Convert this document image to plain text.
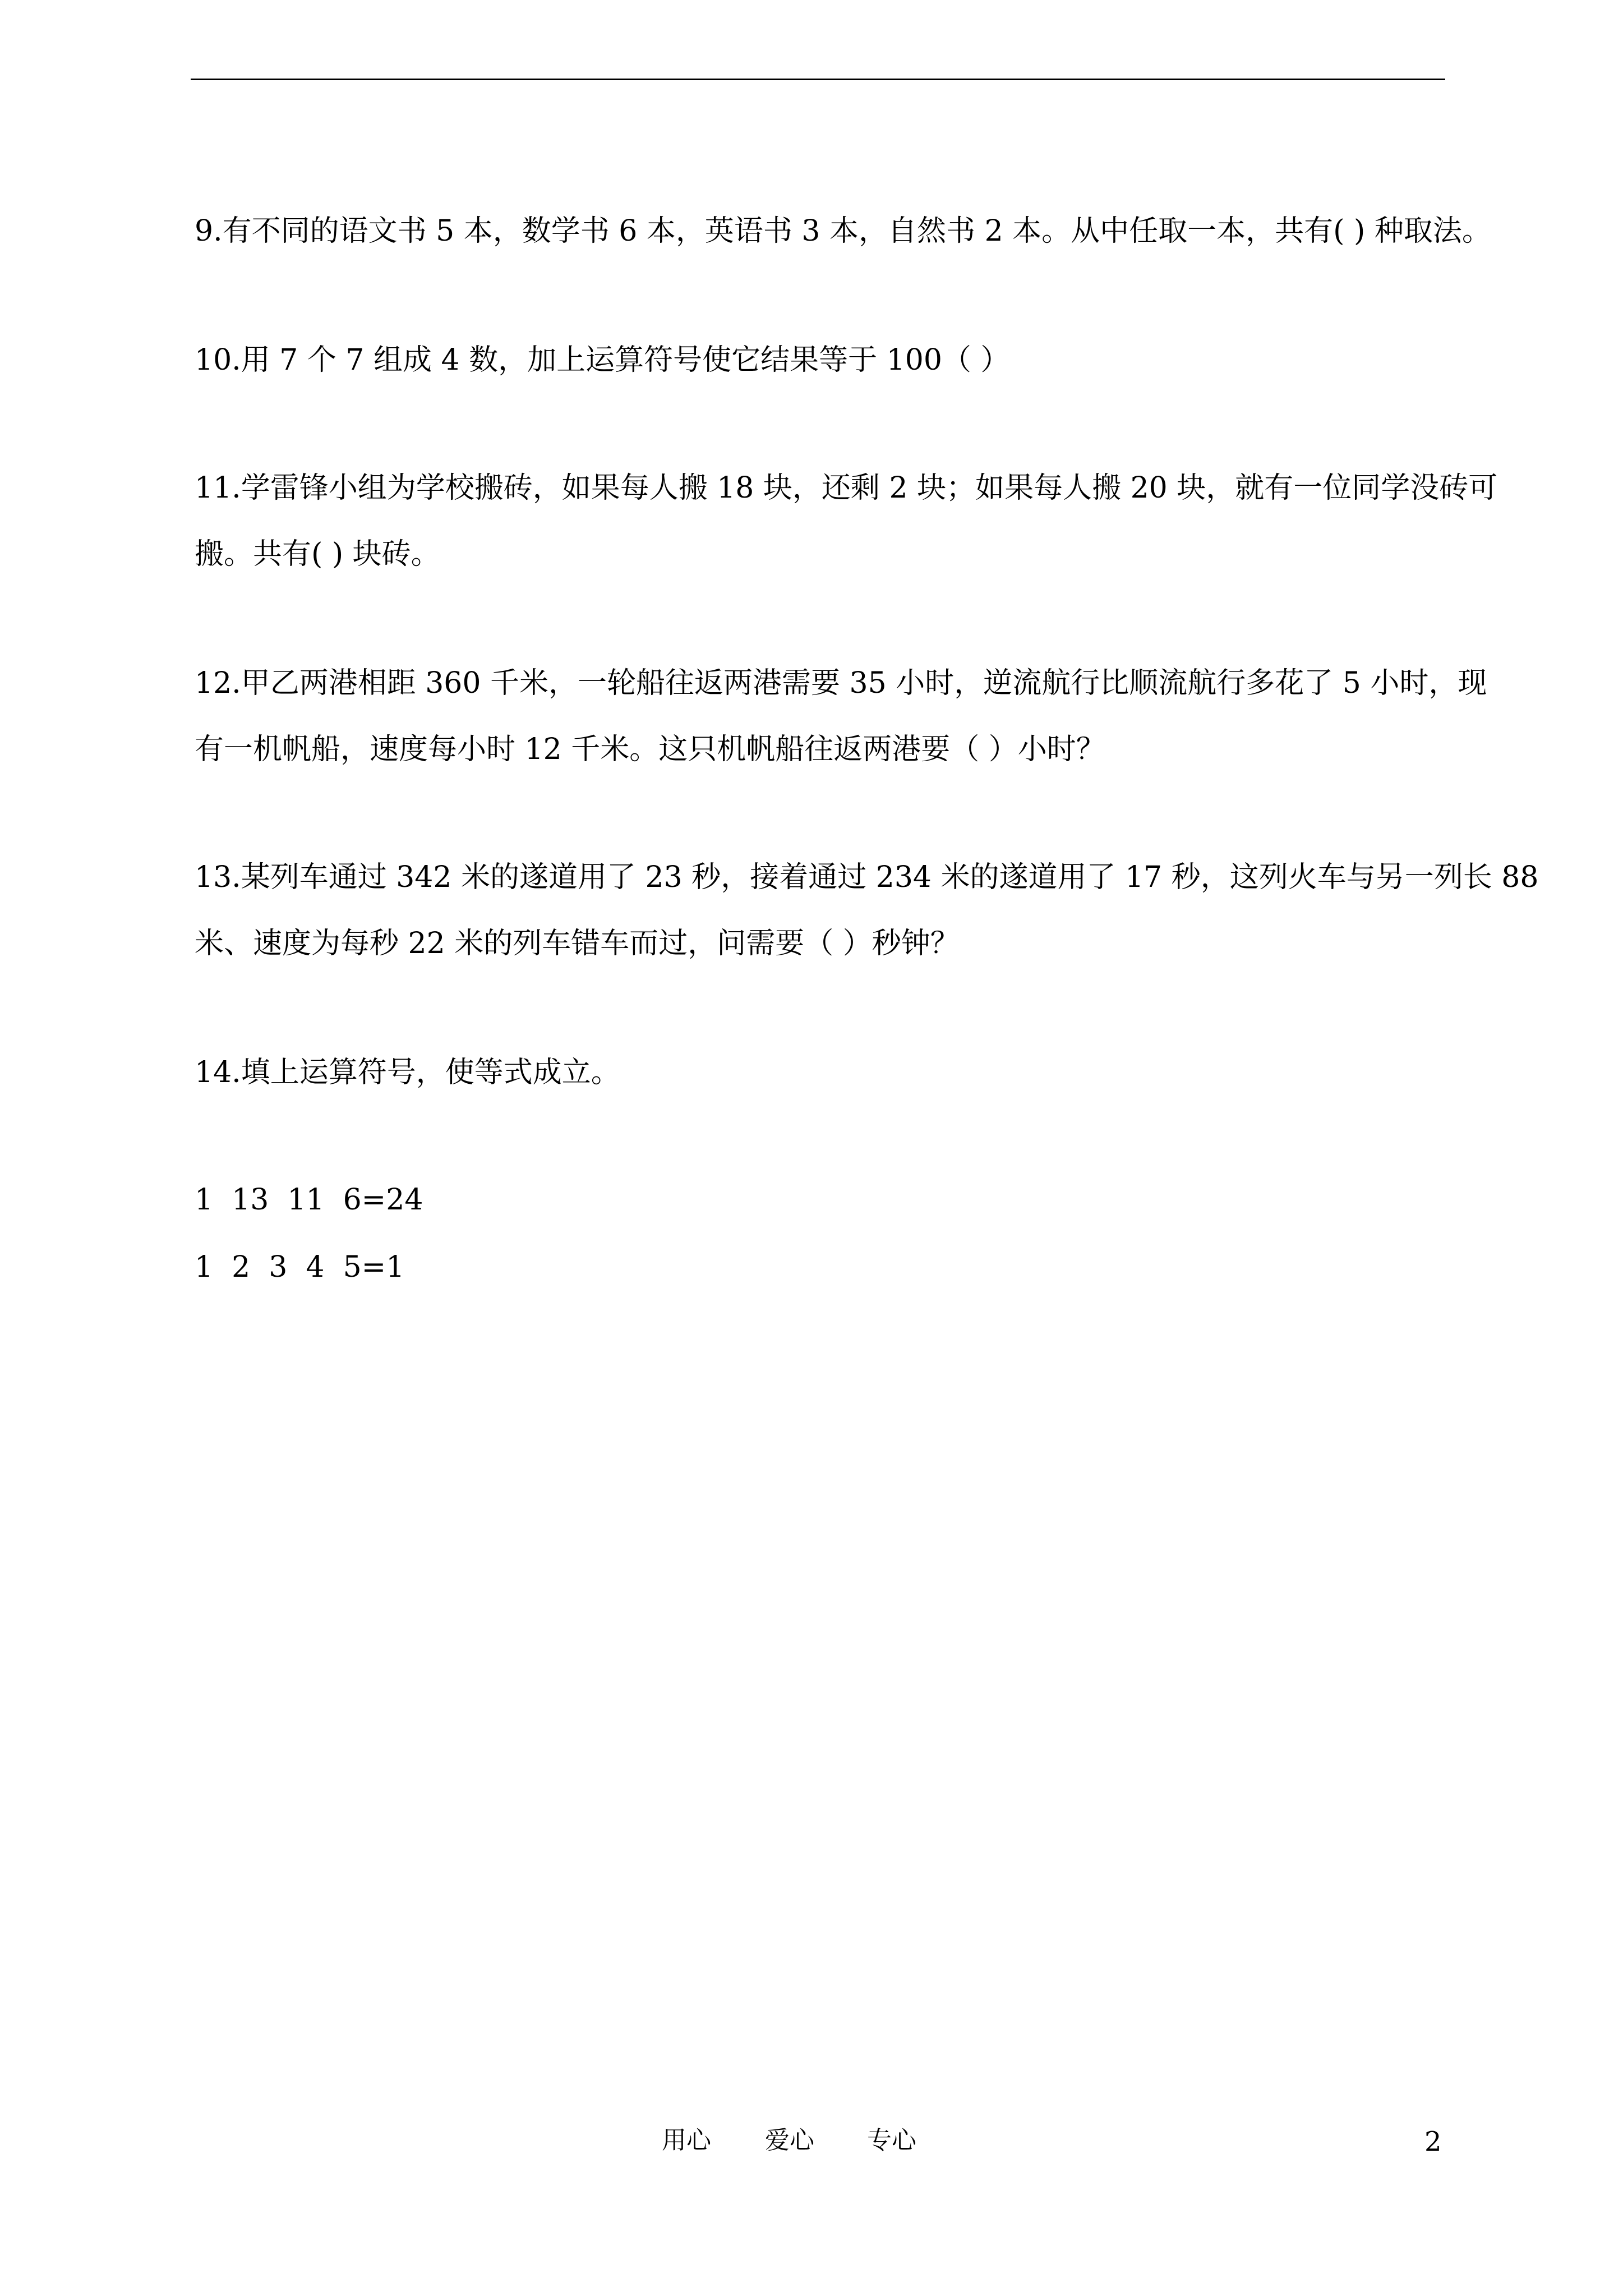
9.有不同的语文书 5 本，数学书 6 本，英语书 3 本，自然书 2 本。从中任取一本，共有( ) 种取法。
10.用 7 个 7 组成 4 数，加上运算符号使它结果等于 100（ ）
11.学雷锋小组为学校搬砖，如果每人搬 18 块，还剩 2 块；如果每人搬 20 块，就有一位同学没砖可
搬。共有( ) 块砖。
12.甲乙两港相距 360 千米，一轮船往返两港需要 35 小时，逆流航行比顺流航行多花了 5 小时，现
有一机帆船，速度每小时 12 千米。这只机帆船往返两港要（ ）小时？
13.某列车通过 342 米的遂道用了 23 秒，接着通过 234 米的遂道用了 17 秒，这列火车与另一列长 88
米、速度为每秒 22 米的列车错车而过，问需要（ ）秒钟？
14.填上运算符号，使等式成立。
1  13  11  6=24
1  2  3  4  5=1
用心 爱心 专心	2
